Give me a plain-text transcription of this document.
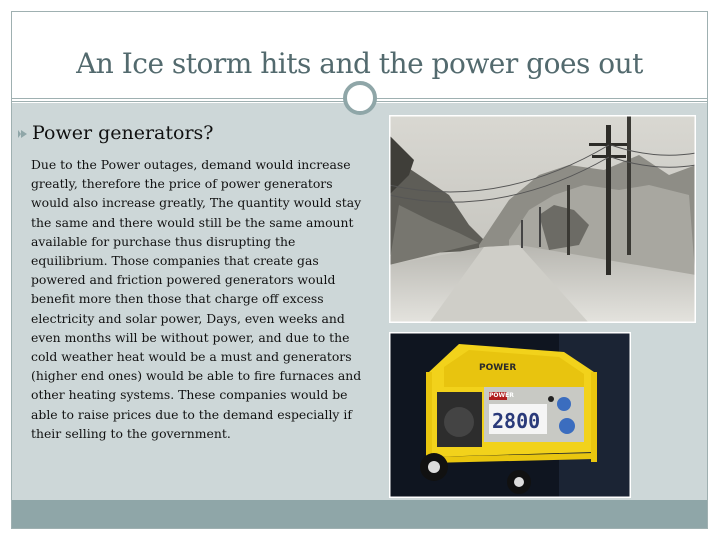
An Ice storm hits and the power goes out
Power generators?
Due to the Power outages, demand would increase greatly, therefore the price of power generators would also increase greatly, The quantity would stay the same and there would still be the same amount available for purchase thus disrupting the equilibrium. Those companies that create gas powered and friction powered generators would benefit more then those that charge off excess electricity and solar power, Days, even weeks and even months will be without power, and due to the cold weather heat would be a must and generators (higher end ones) would be able to fire furnaces and other heating systems. These companies would be able to raise prices due to the demand especially if their selling to the government.
POWER
POWER
2800
